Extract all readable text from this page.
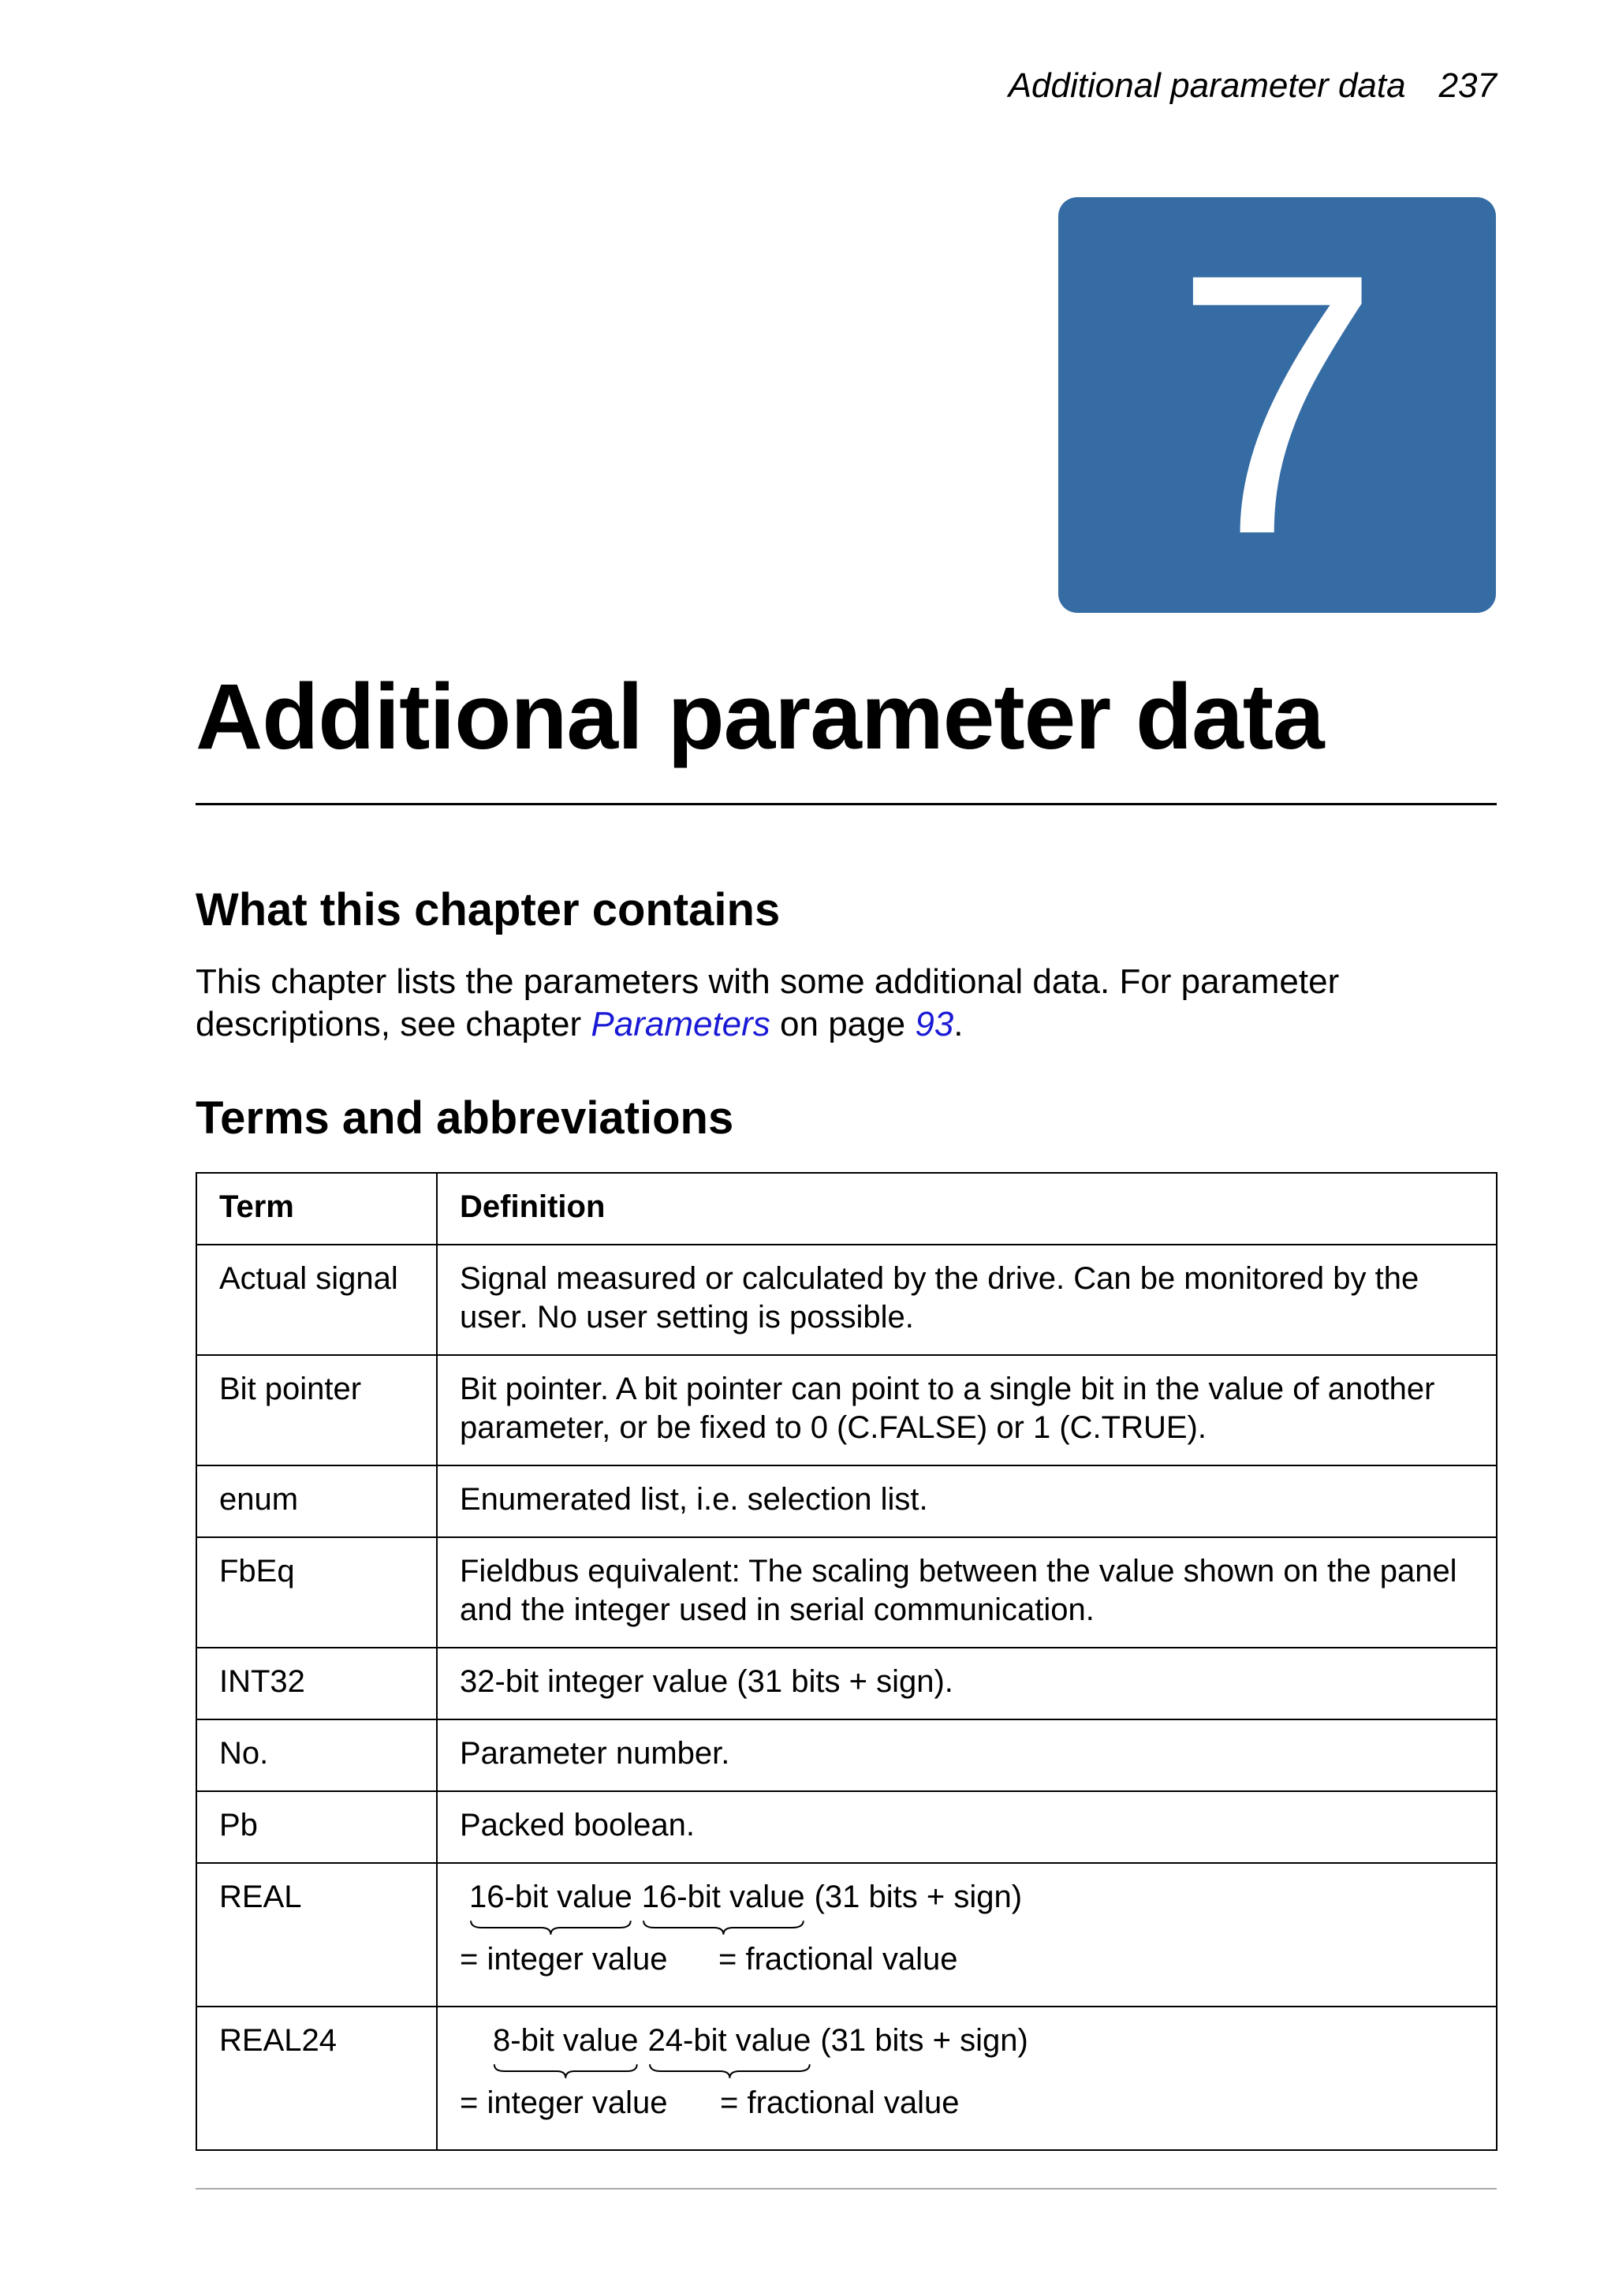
Additional parameter data 237
7
Additional parameter data
What this chapter contains

This chapter lists the parameters with some additional data. For parameter descriptions, see chapter Parameters on page 93.

Terms and abbreviations
Term	Definition
Actual signal	Signal measured or calculated by the drive. Can be monitored by the user. No user setting is possible.
Bit pointer	Bit pointer. A bit pointer can point to a single bit in the value of another parameter, or be fixed to 0 (C.FALSE) or 1 (C.TRUE).
enum	Enumerated list, i.e. selection list.
FbEq	Fieldbus equivalent: The scaling between the value shown on the panel and the integer used in serial communication.
INT32	32-bit integer value (31 bits + sign).
No.	Parameter number.
Pb	Packed boolean.
REAL	16-bit value 16-bit value (31 bits + sign)
= integer value = fractional value

REAL24	8-bit value 24-bit value (31 bits + sign)
= integer value = fractional value
